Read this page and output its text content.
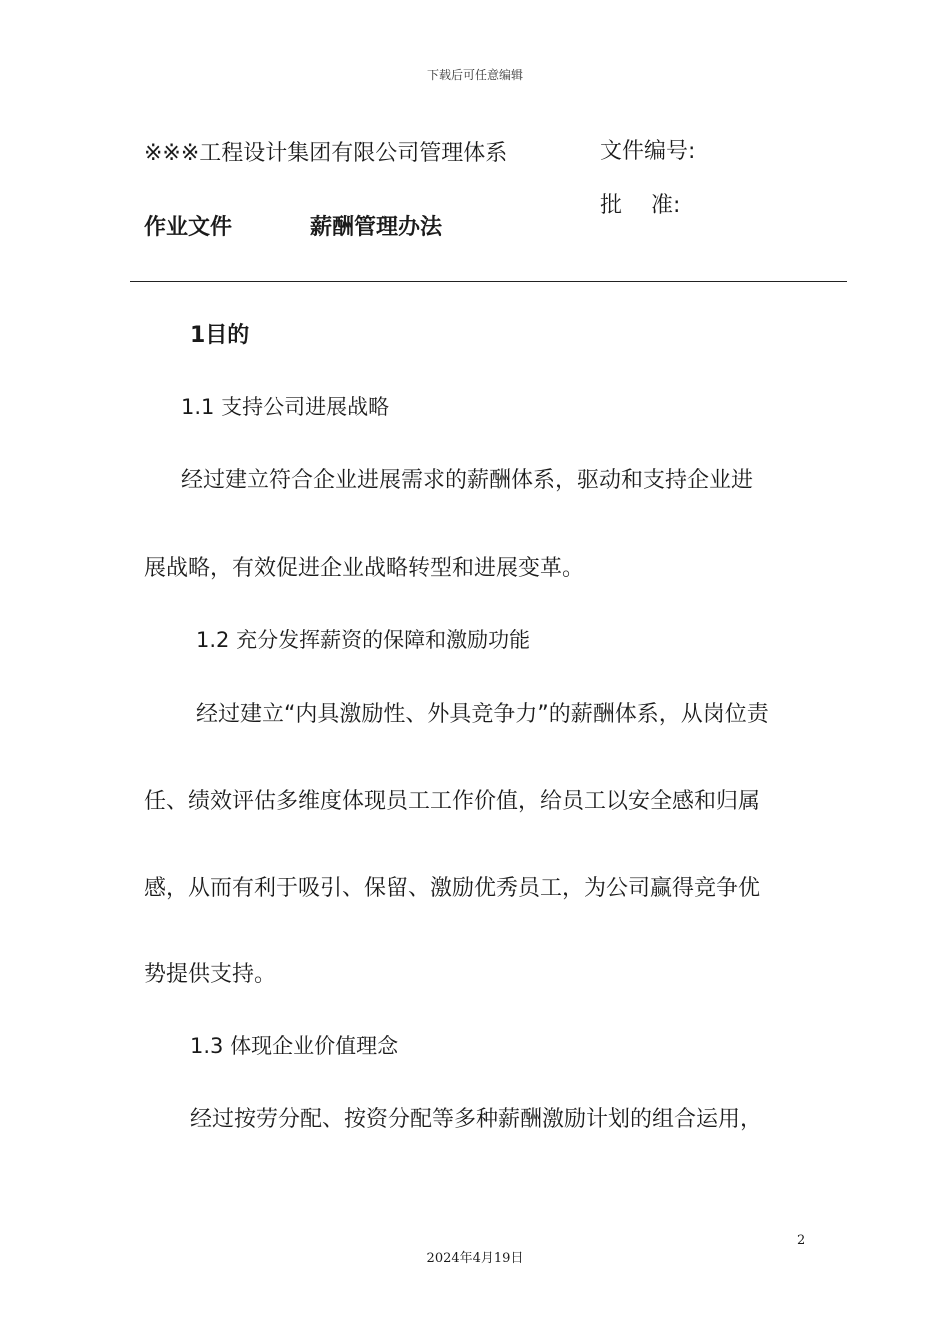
下载后可任意编辑
※※※工程设计集团有限公司管理体系	文件编号:
批　 准:
作业文件	薪酬管理办法
1目的
1.1 支持公司进展战略
经过建立符合企业进展需求的薪酬体系，驱动和支持企业进
展战略，有效促进企业战略转型和进展变革。
1.2 充分发挥薪资的保障和激励功能
经过建立“内具激励性、外具竞争力”的薪酬体系，从岗位责
任、绩效评估多维度体现员工工作价值，给员工以安全感和归属
感，从而有利于吸引、保留、激励优秀员工，为公司赢得竞争优
势提供支持。
1.3 体现企业价值理念
经过按劳分配、按资分配等多种薪酬激励计划的组合运用，
2
2024年4月19日
